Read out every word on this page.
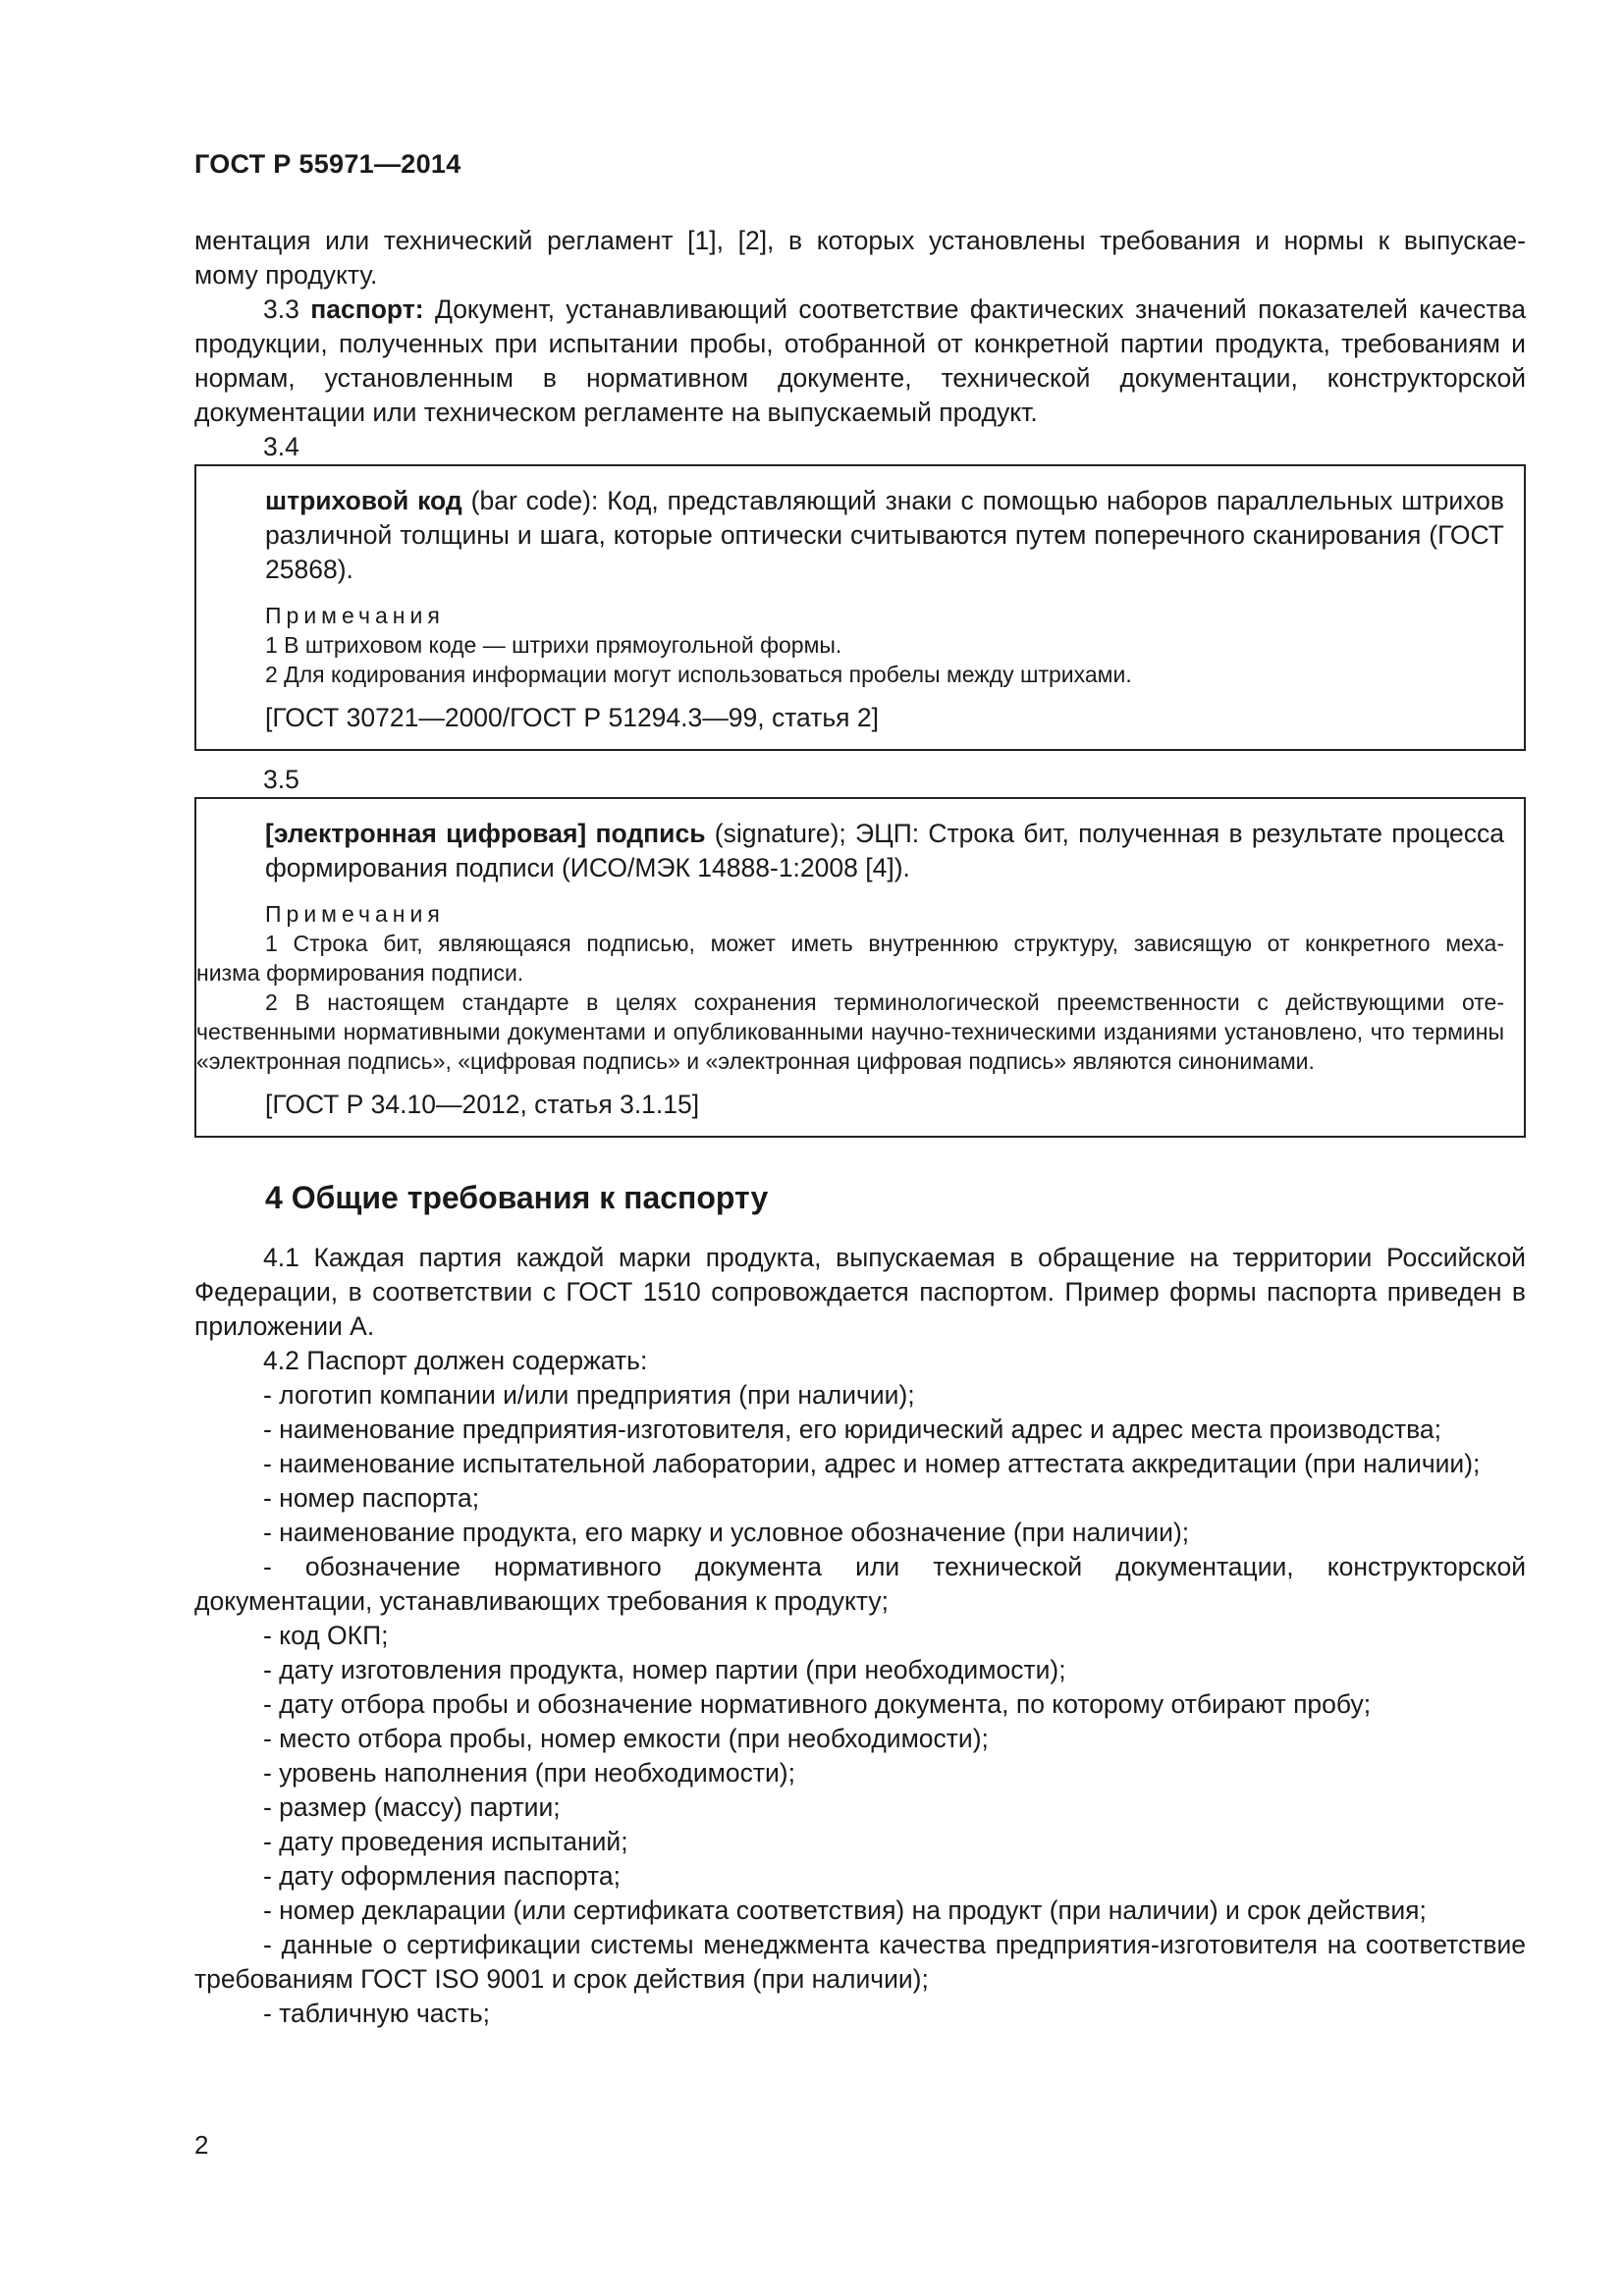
ГОСТ Р 55971—2014

ментация или технический регламент [1], [2], в которых установлены требования и нормы к выпускае-

мому продукту.

3.3 паспорт: Документ, устанавливающий соответствие фактических значений показателей качества продукции, полученных при испытании пробы, отобранной от конкретной партии продукта, требованиям и нормам, установленным в нормативном документе, технической документации, конструкторской документации или техническом регламенте на выпускаемый продукт.

3.4

штриховой код (bar code): Код, представляющий знаки с помощью наборов параллельных штрихов различной толщины и шага, которые оптически считываются путем поперечного сканирования (ГОСТ 25868).

Примечания

1 В штриховом коде — штрихи прямоугольной формы.

2 Для кодирования информации могут использоваться пробелы между штрихами.

[ГОСТ 30721—2000/ГОСТ Р 51294.3—99, статья 2]

3.5

[электронная цифровая] подпись (signature); ЭЦП: Строка бит, полученная в результате процесса формирования подписи (ИСО/МЭК 14888-1:2008 [4]).

Примечания

1 Строка бит, являющаяся подписью, может иметь внутреннюю структуру, зависящую от конкретного меха-

низма формирования подписи.

2 В настоящем стандарте в целях сохранения терминологической преемственности с действующими оте-

чественными нормативными документами и опубликованными научно-техническими изданиями установлено, что термины «электронная подпись», «цифровая подпись» и «электронная цифровая подпись» являются синонимами.

[ГОСТ Р 34.10—2012, статья 3.1.15]

4 Общие требования к паспорту

4.1 Каждая партия каждой марки продукта, выпускаемая в обращение на территории Российской Федерации, в соответствии с ГОСТ 1510 сопровождается паспортом. Пример формы паспорта приведен в приложении А.

4.2 Паспорт должен содержать:

- логотип компании и/или предприятия (при наличии);

- наименование предприятия-изготовителя, его юридический адрес и адрес места производства;

- наименование испытательной лаборатории, адрес и номер аттестата аккредитации (при наличии);

- номер паспорта;

- наименование продукта, его марку и условное обозначение (при наличии);

- обозначение нормативного документа или технической документации, конструкторской документации, устанавливающих требования к продукту;

- код ОКП;

- дату изготовления продукта, номер партии (при необходимости);

- дату отбора пробы и обозначение нормативного документа, по которому отбирают пробу;

- место отбора пробы, номер емкости (при необходимости);

- уровень наполнения (при необходимости);

- размер (массу) партии;

- дату проведения испытаний;

- дату оформления паспорта;

- номер декларации (или сертификата соответствия) на продукт (при наличии) и срок действия;

- данные о сертификации системы менеджмента качества предприятия-изготовителя на соответствие требованиям ГОСТ ISO 9001 и срок действия (при наличии);

- табличную часть;

2
